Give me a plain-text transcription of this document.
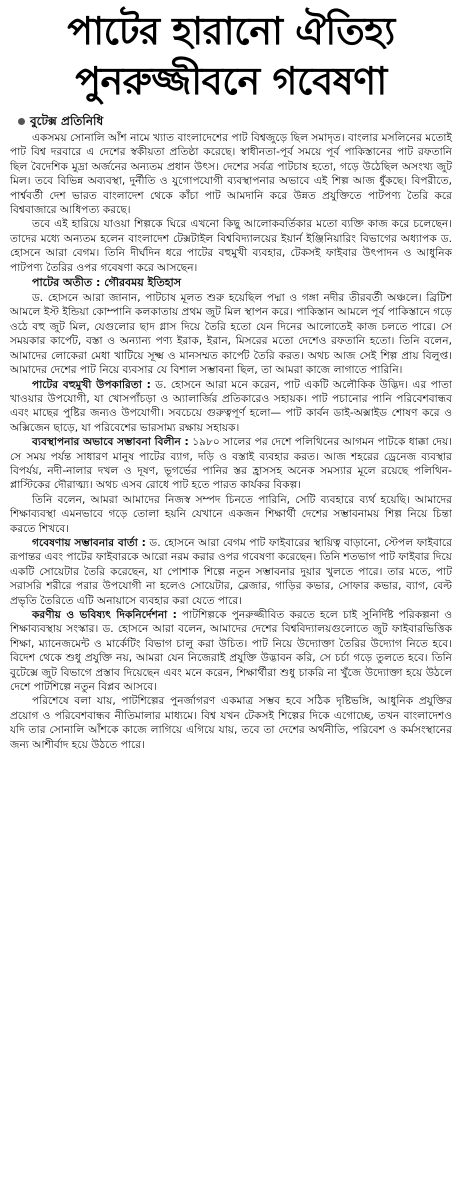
পাটের হারানো ঐতিহ্য
পুনরুজ্জীবনে গবেষণা
বুটেক্স প্রতিনিধি

একসময় সোনালি আঁশ নামে খ্যাত বাংলাদেশের পাট বিশ্বজুড়ে ছিল সমাদৃত। বাংলার মসলিনের মতোই পাট বিশ্ব দরবারে এ দেশের স্বকীয়তা প্রতিষ্ঠা করেছে। স্বাধীনতা-পূর্ব সময়ে পূর্ব পাকিস্তানের পাট রফতানি ছিল বৈদেশিক মুদ্রা অর্জনের অন্যতম প্রধান উৎস। দেশের সর্বত্র পাটচাষ হতো, গড়ে উঠেছিল অসংখ্য জুট মিল। তবে বিভিন্ন অব্যবস্থা, দুর্নীতি ও যুগোপযোগী ব্যবস্থাপনার অভাবে এই শিল্প আজ ধুঁকছে। বিপরীতে, পার্শ্ববর্তী দেশ ভারত বাংলাদেশ থেকে কাঁচা পাট আমদানি করে উন্নত প্রযুক্তিতে পাটপণ্য তৈরি করে বিশ্ববাজারে আধিপত্য করছে।

তবে এই হারিয়ে যাওয়া শিল্পকে ঘিরে এখনো কিছু আলোকবর্তিকার মতো ব্যক্তি কাজ করে চলেছেন। তাদের মধ্যে অন্যতম হলেন বাংলাদেশ টেক্সটাইল বিশ্ববিদ্যালয়ের ইয়ার্ন ইঞ্জিনিয়ারিং বিভাগের অধ্যাপক ড. হোসনে আরা বেগম। তিনি দীর্ঘদিন ধরে পাটের বহুমুখী ব্যবহার, টেকসই ফাইবার উৎপাদন ও আধুনিক পাটপণ্য তৈরির ওপর গবেষণা করে আসছেন।

পাটের অতীত : গৌরবময় ইতিহাস

ড. হোসনে আরা জানান, পাটচাষ মূলত শুরু হয়েছিল পদ্মা ও গঙ্গা নদীর তীরবর্তী অঞ্চলে। ব্রিটিশ আমলে ইস্ট ইন্ডিয়া কোম্পানি কলকাতায় প্রথম জুট মিল স্থাপন করে। পাকিস্তান আমলে পূর্ব পাকিস্তানে গড়ে ওঠে বহু জুট মিল, যেগুলোর ছাদ গ্লাস দিয়ে তৈরি হতো যেন দিনের আলোতেই কাজ চলতে পারে। সে সময়কার কার্পেট, বস্তা ও অন্যান্য পণ্য ইরাক, ইরান, মিসরের মতো দেশেও রফতানি হতো। তিনি বলেন, আমাদের লোকেরা মেধা খাটিয়ে সূক্ষ্ম ও মানসম্মত কার্পেট তৈরি করত। অথচ আজ সেই শিল্প প্রায় বিলুপ্ত। আমাদের দেশের পাট নিয়ে ব্যবসার যে বিশাল সম্ভাবনা ছিল, তা আমরা কাজে লাগাতে পারিনি।

পাটের বহুমুখী উপকারিতা : ড. হোসনে আরা মনে করেন, পাট একটি অলৌকিক উদ্ভিদ। এর পাতা খাওয়ার উপযোগী, যা খোসপাঁচড়া ও অ্যালার্জির প্রতিকারেও সহায়ক। পাট পচানোর পানি পরিবেশবান্ধব এবং মাছের পুষ্টির জন্যও উপযোগী। সবচেয়ে গুরুত্বপূর্ণ হলো— পাট কার্বন ডাই-অক্সাইড শোষণ করে ও অক্সিজেন ছাড়ে, যা পরিবেশের ভারসাম্য রক্ষায় সহায়ক।

ব্যবস্থাপনার অভাবে সম্ভাবনা বিলীন : ১৯৮০ সালের পর দেশে পলিথিনের আগমন পাটকে ধাক্কা দেয়। সে সময় পর্যন্ত সাধারণ মানুষ পাটের ব্যাগ, দড়ি ও বস্তাই ব্যবহার করত। আজ শহরের ড্রেনেজ ব্যবস্থার বিপর্যয়, নদী-নালার দখল ও দূষণ, ভূগর্ভের পানির স্তর হ্রাসসহ অনেক সমস্যার মূলে রয়েছে পলিথিন-প্লাস্টিকের দৌরাত্ম্য। অথচ এসব রোধে পাট হতে পারত কার্যকর বিকল্প।

তিনি বলেন, আমরা আমাদের নিজস্ব সম্পদ চিনতে পারিনি, সেটি ব্যবহারে ব্যর্থ হয়েছি। আমাদের শিক্ষাব্যবস্থা এমনভাবে গড়ে তোলা হয়নি যেখানে একজন শিক্ষার্থী দেশের সম্ভাবনাময় শিল্প নিয়ে চিন্তা করতে শিখবে।

গবেষণায় সম্ভাবনার বার্তা : ড. হোসনে আরা বেগম পাট ফাইবারের স্থায়িত্ব বাড়ানো, স্টেপল ফাইবারে রূপান্তর এবং পাটের ফাইবারকে আরো নরম করার ওপর গবেষণা করেছেন। তিনি শতভাগ পাট ফাইবার দিয়ে একটি সোয়েটার তৈরি করেছেন, যা পোশাক শিল্পে নতুন সম্ভাবনার দুয়ার খুলতে পারে। তার মতে, পাট সরাসরি শরীরে পরার উপযোগী না হলেও সোয়েটার, ব্লেজার, গাড়ির কভার, সোফার কভার, ব্যাগ, বেল্ট প্রভৃতি তৈরিতে এটি অনায়াসে ব্যবহার করা যেতে পারে।

করণীয় ও ভবিষ্যৎ দিকনির্দেশনা : পাটশিল্পকে পুনরুজ্জীবিত করতে হলে চাই সুনির্দিষ্ট পরিকল্পনা ও শিক্ষাব্যবস্থায় সংস্কার। ড. হোসনে আরা বলেন, আমাদের দেশের বিশ্ববিদ্যালয়গুলোতে জুট ফাইবারভিত্তিক শিক্ষা, ম্যানেজমেন্ট ও মার্কেটিং বিভাগ চালু করা উচিত। পাট নিয়ে উদ্যোক্তা তৈরির উদ্যোগ নিতে হবে। বিদেশ থেকে শুধু প্রযুক্তি নয়, আমরা যেন নিজেরাই প্রযুক্তি উদ্ভাবন করি, সে চর্চা গড়ে তুলতে হবে। তিনি বুটেক্সে জুট বিভাগে প্রস্তাব দিয়েছেন এবং মনে করেন, শিক্ষার্থীরা শুধু চাকরি না খুঁজে উদ্যোক্তা হয়ে উঠলে দেশে পাটশিল্পে নতুন বিপ্লব আসবে।

পরিশেষে বলা যায়, পাটশিল্পের পুনর্জাগরণ একমাত্র সম্ভব হবে সঠিক দৃষ্টিভঙ্গি, আধুনিক প্রযুক্তির প্রয়োগ ও পরিবেশবান্ধব নীতিমালার মাধ্যমে। বিশ্ব যখন টেকসই শিল্পের দিকে এগোচ্ছে, তখন বাংলাদেশও যদি তার সোনালি আঁশকে কাজে লাগিয়ে এগিয়ে যায়, তবে তা দেশের অর্থনীতি, পরিবেশ ও কর্মসংস্থানের জন্য আশীর্বাদ হয়ে উঠতে পারে।
